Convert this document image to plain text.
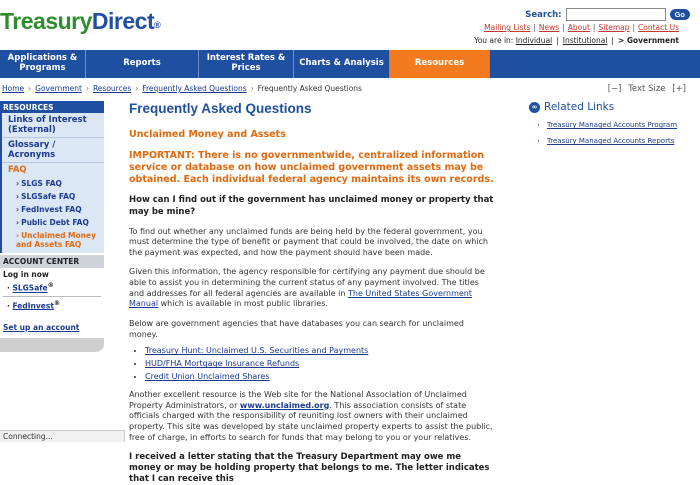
TreasuryDirect®
Search:	Go
Mailing Lists | News | About | Sitemap | Contact Us
You are in: Individual | Institutional | > Government
Applications & Programs	Reports	Interest Rates & Prices	Charts & Analysis	Resources
Home › Government › Resources › Frequently Asked Questions › Frequently Asked Questions	[−] Text Size [+]
RESOURCES
Links of Interest (External)
Glossary / Acronyms
FAQ
› SLGS FAQ
› SLGSafe FAQ
› FedInvest FAQ
› Public Debt FAQ
› Unclaimed Money and Assets FAQ
ACCOUNT CENTER
Log in now
· SLGSafe®
· FedInvest®
Set up an account
Frequently Asked Questions
Unclaimed Money and Assets
IMPORTANT: There is no governmentwide, centralized information service or database on how unclaimed government assets may be obtained. Each individual federal agency maintains its own records.
How can I find out if the government has unclaimed money or property that may be mine?

To find out whether any unclaimed funds are being held by the federal government, you must determine the type of benefit or payment that could be involved, the date on which the payment was expected, and how the payment should have been made.

Given this information, the agency responsible for certifying any payment due should be able to assist you in determining the current status of any payment involved. The titles and addresses for all federal agencies are available in The United States Government Manual which is available in most public libraries.

Below are government agencies that have databases you can search for unclaimed money.

• Treasury Hunt: Unclaimed U.S. Securities and Payments
• HUD/FHA Mortgage Insurance Refunds
• Credit Union Unclaimed Shares

Another excellent resource is the Web site for the National Association of Unclaimed Property Administrators, or www.unclaimed.org. This association consists of state officials charged with the responsibility of reuniting lost owners with their unclaimed property. This site was developed by state unclaimed property experts to assist the public, free of charge, in efforts to search for funds that may belong to you or your relatives.

I received a letter stating that the Treasury Department may owe me money or may be holding property that belongs to me. The letter indicates that I can receive this
∞ Related Links
› Treasury Managed Accounts Program
› Treasury Managed Accounts Reports
Connecting...
